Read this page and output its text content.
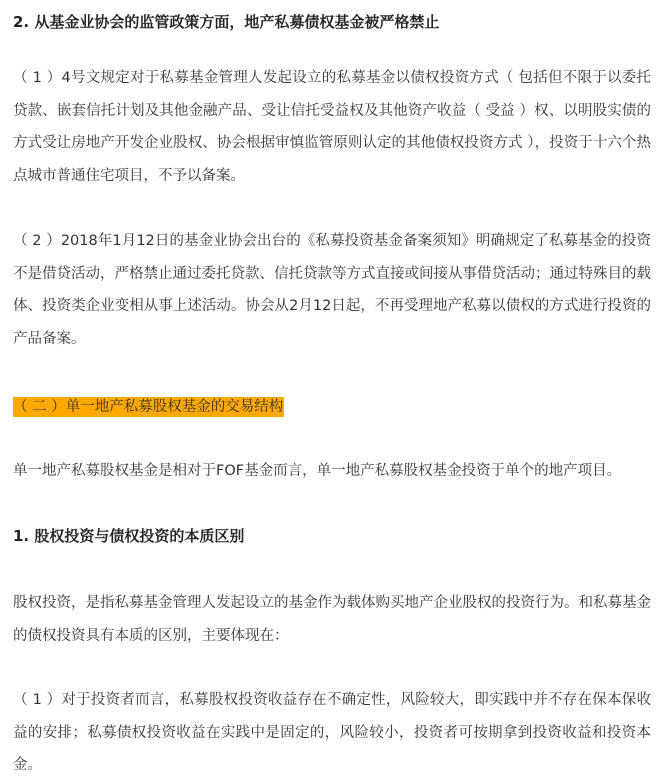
2. 从基金业协会的监管政策方面，地产私募债权基金被严格禁止
（ 1 ）4号文规定对于私募基金管理人发起设立的私募基金以债权投资方式（ 包括但不限于以委托贷款、嵌套信托计划及其他金融产品、受让信托受益权及其他资产收益（ 受益 ）权、以明股实债的方式受让房地产开发企业股权、协会根据审慎监管原则认定的其他债权投资方式 ），投资于十六个热点城市普通住宅项目，不予以备案。
（ 2 ）2018年1月12日的基金业协会出台的《私募投资基金备案须知》明确规定了私募基金的投资不是借贷活动，严格禁止通过委托贷款、信托贷款等方式直接或间接从事借贷活动；通过特殊目的载体、投资类企业变相从事上述活动。协会从2月12日起，不再受理地产私募以债权的方式进行投资的产品备案。
（ 二 ）单一地产私募股权基金的交易结构
单一地产私募股权基金是相对于FOF基金而言，单一地产私募股权基金投资于单个的地产项目。
1. 股权投资与债权投资的本质区别
股权投资，是指私募基金管理人发起设立的基金作为载体购买地产企业股权的投资行为。和私募基金的债权投资具有本质的区别，主要体现在：
（ 1 ）对于投资者而言，私募股权投资收益存在不确定性，风险较大，即实践中并不存在保本保收益的安排；私募债权投资收益在实践中是固定的，风险较小，投资者可按期拿到投资收益和投资本金。
